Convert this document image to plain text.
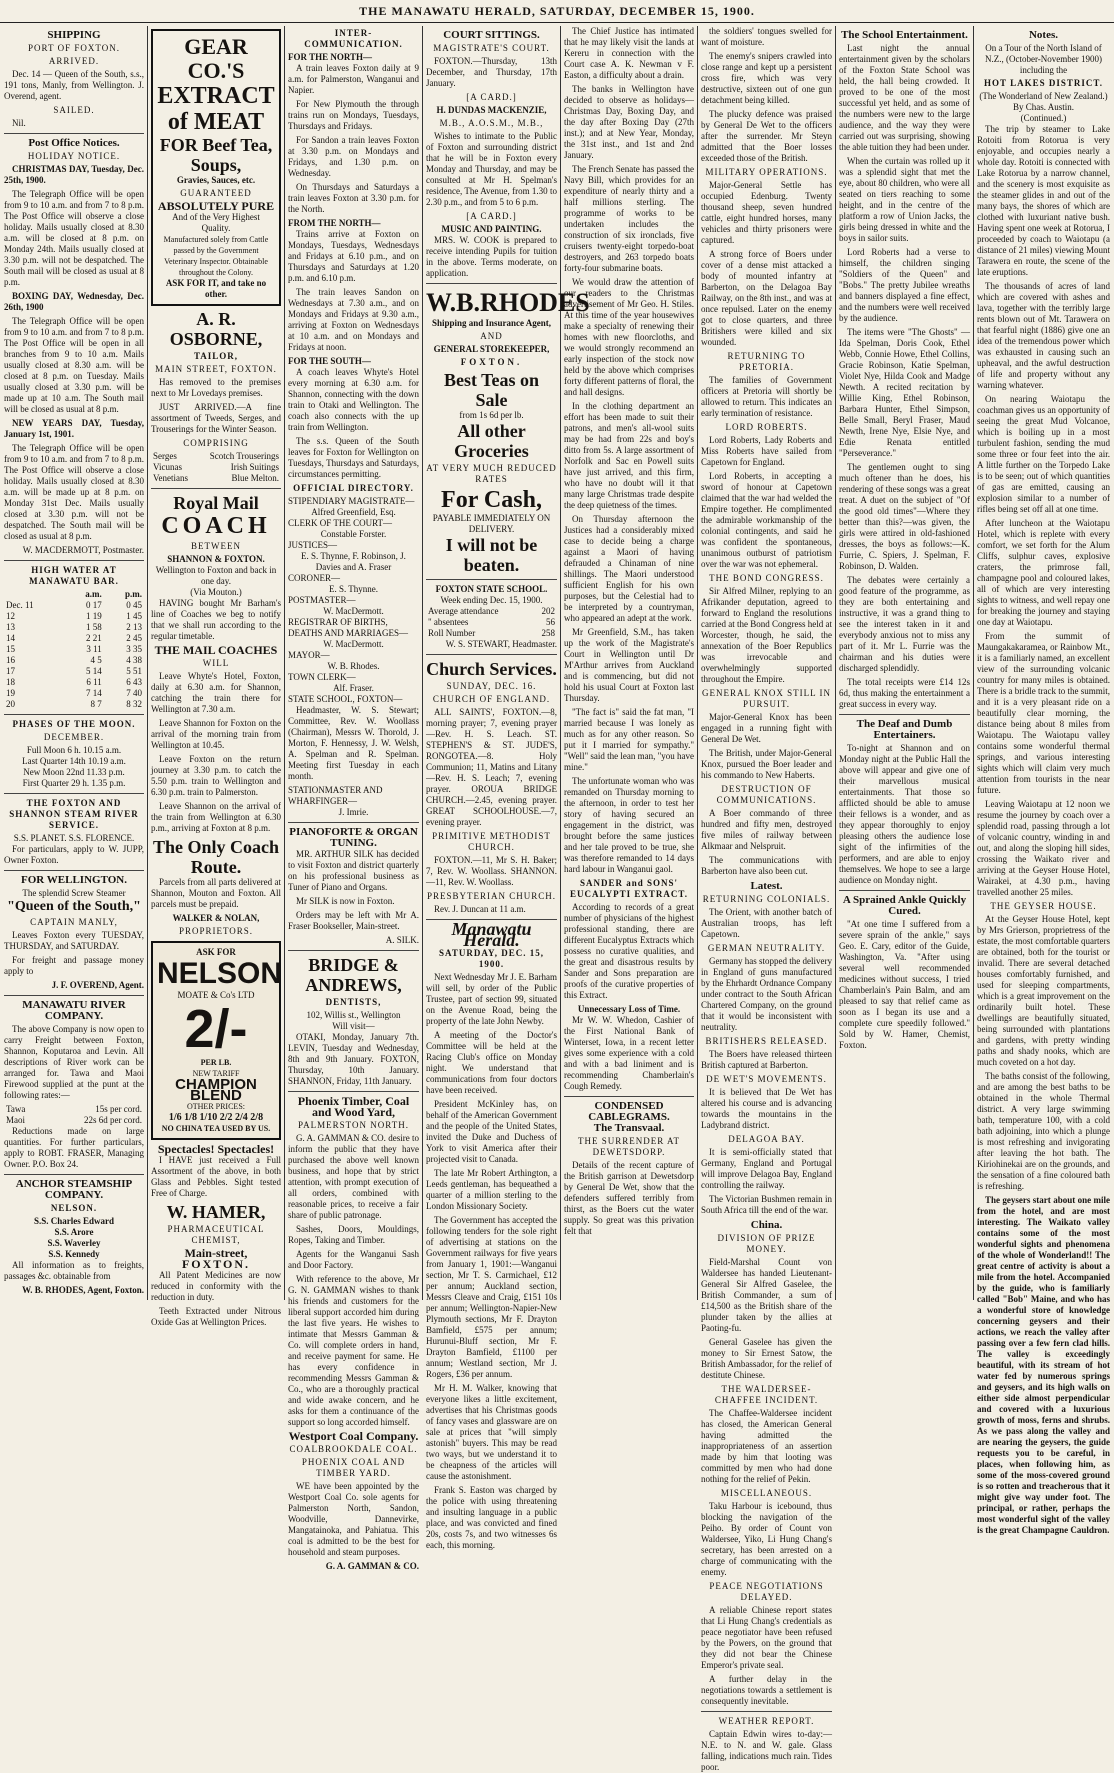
THE MANAWATU HERALD, SATURDAY, DECEMBER 15, 1900.
SHIPPING
PORT OF FOXTON.
ARRIVED.

Dec. 14 — Queen of the South, s.s., 191 tons, Manly, from Wellington. J. Overend, agent.

SAILED.

Nil.

Post Office Notices.
HOLIDAY NOTICE.

CHRISTMAS DAY, Tuesday, Dec. 25th, 1900.

The Telegraph Office will be open from 9 to 10 a.m. and from 7 to 8 p.m. The Post Office will observe a close holiday. Mails usually closed at 8.30 a.m. will be closed at 8 p.m. on Monday 24th. Mails usually closed at 3.30 p.m. will not be despatched. The South mail will be closed as usual at 8 p.m.

BOXING DAY, Wednesday, Dec. 26th, 1900

The Telegraph Office will be open from 9 to 10 a.m. and from 7 to 8 p.m. The Post Office will be open in all branches from 9 to 10 a.m. Mails usually closed at 8.30 a.m. will be closed at 8 p.m. on Tuesday. Mails usually closed at 3.30 p.m. will be made up at 10 a.m. The South mail will be closed as usual at 8 p.m.

NEW YEARS DAY, Tuesday, January 1st, 1901.

The Telegraph Office will be open from 9 to 10 a.m. and from 7 to 8 p.m. The Post Office will observe a close holiday. Mails usually closed at 8.30 a.m. will be made up at 8 p.m. on Monday 31st Dec. Mails usually closed at 3.30 p.m. will not be despatched. The South mail will be closed as usual at 8 p.m.

W. MACDERMOTT, Postmaster.
HIGH WATER AT MANAWATU BAR.
	a.m.	p.m.
Dec. 11	0 17	0 45
12	1 19	1 45
13	1 58	2 13
14	2 21	2 45
15	3 11	3 35
16	4 5	4 38
17	5 14	5 51
18	6 11	6 43
19	7 14	7 40
20	8 7	8 32
PHASES OF THE MOON.
DECEMBER.
Full Moon 6 h. 10.15 a.m.
Last Quarter 14th 10.19 a.m.
New Moon 22nd 11.33 p.m.
First Quarter 29 h. 1.35 p.m.
THE FOXTON AND SHANNON STEAM RIVER SERVICE.
S.S. PLANET. S.S. FLORENCE.

For particulars, apply to W. JUPP, Owner Foxton.

FOR WELLINGTON.
The splendid Screw Steamer
"Queen of the South,"
CAPTAIN MANLY,

Leaves Foxton every TUESDAY, THURSDAY, and SATURDAY.

For freight and passage money apply to

J. F. OVEREND, Agent.
MANAWATU RIVER COMPANY.

The above Company is now open to carry Freight between Foxton, Shannon, Koputaroa and Levin. All descriptions of River work can be arranged for. Tawa and Maoi Firewood supplied at the punt at the following rates:—

Tawa	15s per cord.
Maoi	22s 6d per cord.

Reductions made on large quantities. For further particulars, apply to ROBT. FRASER, Managing Owner. P.O. Box 24.

ANCHOR STEAMSHIP COMPANY.
NELSON.
S.S. Charles Edward
S.S. Arore
S.S. Waverley
S.S. Kennedy

All information as to freights, passages &c. obtainable from

W. B. RHODES, Agent, Foxton.
GEAR CO.'S
EXTRACT of MEAT
FOR Beef Tea, Soups,
Gravies, Sauces, etc.
GUARANTEED
ABSOLUTELY PURE
And of the Very Highest Quality.
Manufactured solely from Cattle passed by the Government Veterinary Inspector. Obtainable throughout the Colony.
ASK FOR IT, and take no other.
A. R. OSBORNE,
TAILOR,
MAIN STREET, FOXTON.

Has removed to the premises next to Mr Lovedays premises.

JUST ARRIVED.—A fine assortment of Tweeds, Serges, and Trouserings for the Winter Season.

COMPRISING
Serges	Scotch Trouserings
Vicunas	Irish Suitings
Venetians	Blue Melton.
Royal Mail
COACH
BETWEEN
SHANNON & FOXTON.
Wellington to Foxton and back in one day.
(Via Mouton.)

HAVING bought Mr Barham's line of Coaches we beg to notify that we shall run according to the regular timetable.

THE MAIL COACHES
WILL

Leave Whyte's Hotel, Foxton, daily at 6.30 a.m. for Shannon, catching the train there for Wellington at 7.30 a.m.

Leave Shannon for Foxton on the arrival of the morning train from Wellington at 10.45.

Leave Foxton on the return journey at 3.30 p.m. to catch the 5.50 p.m. train to Wellington and 6.30 p.m. train to Palmerston.

Leave Shannon on the arrival of the train from Wellington at 6.30 p.m., arriving at Foxton at 8 p.m.

The Only Coach Route.

Parcels from all parts delivered at Shannon, Mouton and Foxton. All parcels must be prepaid.

WALKER & NOLAN,
PROPRIETORS.
ASK FOR
NELSON
MOATE & Co's LTD
2/-
PER LB.
NEW TARIFF
CHAMPION BLEND
OTHER PRICES:
1/6 1/8 1/10 2/2 2/4 2/8
NO CHINA TEA USED BY US.
Spectacles! Spectacles!

I HAVE just received a Full Assortment of the above, in both Glass and Pebbles. Sight tested Free of Charge.

W. HAMER,
PHARMACEUTICAL CHEMIST,
Main-street,
FOXTON.

All Patent Medicines are now reduced in conformity with the reduction in duty.

Teeth Extracted under Nitrous Oxide Gas at Wellington Prices.

INTER-COMMUNICATION.
FOR THE NORTH—

A train leaves Foxton daily at 9 a.m. for Palmerston, Wanganui and Napier.

For New Plymouth the through trains run on Mondays, Tuesdays, Thursdays and Fridays.

For Sandon a train leaves Foxton at 3.30 p.m. on Mondays and Fridays, and 1.30 p.m. on Wednesday.

On Thursdays and Saturdays a train leaves Foxton at 3.30 p.m. for the North.

FROM THE NORTH—

Trains arrive at Foxton on Mondays, Tuesdays, Wednesdays and Fridays at 6.10 p.m., and on Thursdays and Saturdays at 1.20 p.m. and 6.10 p.m.

The train leaves Sandon on Wednesdays at 7.30 a.m., and on Mondays and Fridays at 9.30 a.m., arriving at Foxton on Wednesdays at 10 a.m. and on Mondays and Fridays at noon.

FOR THE SOUTH—

A coach leaves Whyte's Hotel every morning at 6.30 a.m. for Shannon, connecting with the down train to Otaki and Wellington. The coach also connects with the up train from Wellington.

The s.s. Queen of the South leaves for Foxton for Wellington on Tuesdays, Thursdays and Saturdays, circumstances permitting.

OFFICIAL DIRECTORY.
STIPENDIARY MAGISTRATE—
Alfred Greenfield, Esq.
CLERK OF THE COURT—
Constable Forster.
JUSTICES—
E. S. Thynne, F. Robinson, J. Davies and A. Fraser
CORONER—
E. S. Thynne.
POSTMASTER—
W. MacDermott.
REGISTRAR OF BIRTHS, DEATHS AND MARRIAGES—
W. MacDermott.
MAYOR—
W. B. Rhodes.
TOWN CLERK—
Alf. Fraser.
STATE SCHOOL, FOXTON—

Headmaster, W. S. Stewart; Committee, Rev. W. Woollass (Chairman), Messrs W. Thorold, J. Morton, F. Hennessy, J. W. Welsh, A. Spelman and R. Spelman. Meeting first Tuesday in each month.

STATIONMASTER AND WHARFINGER—
J. Imrie.
PIANOFORTE & ORGAN TUNING.

MR. ARTHUR SILK has decided to visit Foxton and district quarterly on his professional business as Tuner of Piano and Organs.

Mr SILK is now in Foxton.

Orders may be left with Mr A. Fraser Bookseller, Main-street.

A. SILK.
BRIDGE & ANDREWS,
DENTISTS,
102, Willis st., Wellington
Will visit—

OTAKI, Monday, January 7th. LEVIN, Tuesday and Wednesday, 8th and 9th January. FOXTON, Thursday, 10th January. SHANNON, Friday, 11th January.

Phoenix Timber, Coal and Wood Yard,
PALMERSTON NORTH.

G. A. GAMMAN & CO. desire to inform the public that they have purchased the above well known business, and hope that by strict attention, with prompt execution of all orders, combined with reasonable prices, to receive a fair share of public patronage.

Sashes, Doors, Mouldings, Ropes, Taking and Timber.

Agents for the Wanganui Sash and Door Factory.

With reference to the above, Mr G. N. GAMMAN wishes to thank his friends and customers for the liberal support accorded him during the last five years. He wishes to intimate that Messrs Gamman & Co. will complete orders in hand, and receive payment for same. He has every confidence in recommending Messrs Gamman & Co., who are a thoroughly practical and wide awake concern, and he asks for them a continuance of the support so long accorded himself.

Westport Coal Company.
COALBROOKDALE COAL.
PHOENIX COAL AND TIMBER YARD.

WE have been appointed by the Westport Coal Co. sole agents for Palmerston North, Sandon, Woodville, Dannevirke, Mangatainoka, and Pahiatua. This coal is admitted to be the best for household and steam purposes.

G. A. GAMMAN & CO.
COURT SITTINGS.
MAGISTRATE'S COURT.

FOXTON.—Thursday, 13th December, and Thursday, 17th January.

[A CARD.]
H. DUNDAS MACKENZIE,
M.B., A.O.S.M., M.B.,

Wishes to intimate to the Public of Foxton and surrounding district that he will be in Foxton every Monday and Thursday, and may be consulted at Mr H. Spelman's residence, The Avenue, from 1.30 to 2.30 p.m., and from 5 to 6 p.m.

[A CARD.]
MUSIC AND PAINTING.

MRS. W. COOK is prepared to receive intending Pupils for tuition in the above. Terms moderate, on application.

W.B.RHODES
Shipping and Insurance Agent,
AND
GENERAL STOREKEEPER,
FOXTON.
Best Teas on Sale
from 1s 6d per lb.
All other Groceries
AT VERY MUCH REDUCED RATES
For Cash,
PAYABLE IMMEDIATELY ON DELIVERY.
I will not be beaten.
FOXTON STATE SCHOOL.
Week ending Dec. 15, 1900.
Average attendance	202
" absentees	56
Roll Number	258
W. S. STEWART, Headmaster.
Church Services.
SUNDAY, DEC. 16.
CHURCH OF ENGLAND.

ALL SAINTS', FOXTON.—8, morning prayer; 7, evening prayer—Rev. H. S. Leach. ST. STEPHEN'S & ST. JUDE'S, RONGOTEA.—8. Holy Communion; 11, Matins and Litany—Rev. H. S. Leach; 7, evening prayer. OROUA BRIDGE CHURCH.—2.45, evening prayer. GREAT SCHOOLHOUSE.—7, evening prayer.

PRIMITIVE METHODIST CHURCH.

FOXTON.—11, Mr S. H. Baker; 7, Rev. W. Woollass. SHANNON.—11, Rev. W. Woollass.

PRESBYTERIAN CHURCH.

Rev. J. Duncan at 11 a.m.

Manawatu Herald.
SATURDAY, DEC. 15, 1900.

Next Wednesday Mr J. E. Barham will sell, by order of the Public Trustee, part of section 99, situated on the Avenue Road, being the property of the late John Newby.

A meeting of the Doctor's Committee will be held at the Racing Club's office on Monday night. We understand that communications from four doctors have been received.

President McKinley has, on behalf of the American Government and the people of the United States, invited the Duke and Duchess of York to visit America after their projected visit to Canada.

The late Mr Robert Arthington, a Leeds gentleman, has bequeathed a quarter of a million sterling to the London Missionary Society.

The Government has accepted the following tenders for the sole right of advertising at stations on the Government railways for five years from January 1, 1901:—Wanganui section, Mr T. S. Carmichael, £12 per annum; Auckland section, Messrs Cleave and Craig, £151 10s per annum; Wellington-Napier-New Plymouth sections, Mr F. Drayton Bamfield, £575 per annum; Hurunui-Bluff section, Mr F. Drayton Bamfield, £1100 per annum; Westland section, Mr J. Rogers, £36 per annum.

Mr H. M. Walker, knowing that everyone likes a little excitement, advertises that his Christmas goods of fancy vases and glassware are on sale at prices that "will simply astonish" buyers. This may be read two ways, but we understand it to be cheapness of the articles will cause the astonishment.

Frank S. Easton was charged by the police with using threatening and insulting language in a public place, and was convicted and fined 20s, costs 7s, and two witnesses 6s each, this morning.

The Chief Justice has intimated that he may likely visit the lands at Kereru in connection with the Court case A. K. Newman v F. Easton, a difficulty about a drain.

The banks in Wellington have decided to observe as holidays—Christmas Day, Boxing Day, and the day after Boxing Day (27th inst.); and at New Year, Monday, the 31st inst., and 1st and 2nd January.

The French Senate has passed the Navy Bill, which provides for an expenditure of nearly thirty and a half millions sterling. The programme of works to be undertaken includes the construction of six ironclads, five cruisers twenty-eight torpedo-boat destroyers, and 263 torpedo boats forty-four submarine boats.

We would draw the attention of our readers to the Christmas advertisement of Mr Geo. H. Stiles. At this time of the year housewives make a specialty of renewing their homes with new floorcloths, and we would strongly recommend an early inspection of the stock now held by the above which comprises forty different patterns of floral, the and hall designs.

In the clothing department an effort has been made to suit their patrons, and men's all-wool suits may be had from 22s and boy's ditto from 5s. A large assortment of Norfolk and Sac en Powell suits have just arrived, and this firm, who have no doubt will it that many large Christmas trade despite the deep quietness of the times.

On Thursday afternoon the Justices had a considerably mixed case to decide being a charge against a Maori of having defrauded a Chinaman of nine shillings. The Maori understood sufficient English for his own purposes, but the Celestial had to be interpreted by a countryman, who appeared an adept at the work.

Mr Greenfield, S.M., has taken up the work of the Magistrate's Court in Wellington until Dr M'Arthur arrives from Auckland and is commencing, but did not hold his usual Court at Foxton last Thursday.

"The fact is" said the fat man, "I married because I was lonely as much as for any other reason. So put it I married for sympathy." "Well" said the lean man, "you have mine."

The unfortunate woman who was remanded on Thursday morning to the afternoon, in order to test her story of having secured an engagement in the district, was brought before the same justices and her tale proved to be true, she was therefore remanded to 14 days hard labour in Wanganui gaol.

SANDER and SONS' EUCALYPTI EXTRACT.

According to records of a great number of physicians of the highest professional standing, there are different Eucalyptus Extracts which possess no curative qualities, and the great and disastrous results by Sander and Sons preparation are proofs of the curative properties of this Extract.

Unnecessary Loss of Time.

Mr W. W. Whedon, Cashier of the First National Bank of Winterset, Iowa, in a recent letter gives some experience with a cold and with a bad liniment and is recommending Chamberlain's Cough Remedy.

CONDENSED CABLEGRAMS.
The Transvaal.
THE SURRENDER AT DEWETSDORP.

Details of the recent capture of the British garrison at Dewetsdorp by General De Wet, show that the defenders suffered terribly from thirst, as the Boers cut the water supply. So great was this privation felt that

the soldiers' tongues swelled for want of moisture.

The enemy's snipers crawled into close range and kept up a persistent cross fire, which was very destructive, sixteen out of one gun detachment being killed.

The plucky defence was praised by General De Wet to the officers after the surrender. Mr Steyn admitted that the Boer losses exceeded those of the British.

MILITARY OPERATIONS.

Major-General Settle has occupied Edenburg. Twenty thousand sheep, seven hundred cattle, eight hundred horses, many vehicles and thirty prisoners were captured.

A strong force of Boers under cover of a dense mist attacked a body of mounted infantry at Barberton, on the Delagoa Bay Railway, on the 8th inst., and was at once repulsed. Later on the enemy got to close quarters, and three Britishers were killed and six wounded.

RETURNING TO PRETORIA.

The families of Government officers at Pretoria will shortly be allowed to return. This indicates an early termination of resistance.

LORD ROBERTS.

Lord Roberts, Lady Roberts and Miss Roberts have sailed from Capetown for England.

Lord Roberts, in accepting a sword of honour at Capetown claimed that the war had welded the Empire together. He complimented the admirable workmanship of the colonial contingents, and said he was confident the spontaneous, unanimous outburst of patriotism over the war was not ephemeral.

THE BOND CONGRESS.

Sir Alfred Milner, replying to an Afrikander deputation, agreed to forward to England the resolutions carried at the Bond Congress held at Worcester, though, he said, the annexation of the Boer Republics was irrevocable and overwhelmingly supported throughout the Empire.

GENERAL KNOX STILL IN PURSUIT.

Major-General Knox has been engaged in a running fight with General De Wet.

The British, under Major-General Knox, pursued the Boer leader and his commando to New Haberts.

DESTRUCTION OF COMMUNICATIONS.

A Boer commando of three hundred and fifty men, destroyed five miles of railway between Alkmaar and Nelspruit.

The communications with Barberton have also been cut.

Latest.
RETURNING COLONIALS.

The Orient, with another batch of Australian troops, has left Capetown.

GERMAN NEUTRALITY.

Germany has stopped the delivery in England of guns manufactured by the Ehrhardt Ordnance Company under contract to the South African Chartered Company, on the ground that it would be inconsistent with neutrality.

BRITISHERS RELEASED.

The Boers have released thirteen British captured at Barberton.

DE WET'S MOVEMENTS.

It is believed that De Wet has altered his course and is advancing towards the mountains in the Ladybrand district.

DELAGOA BAY.

It is semi-officially stated that Germany, England and Portugal will improve Delagoa Bay, England controlling the railway.

The Victorian Bushmen remain in South Africa till the end of the war.

China.
DIVISION OF PRIZE MONEY.

Field-Marshal Count von Waldersee has handed Lieutenant-General Sir Alfred Gaselee, the British Commander, a sum of £14,500 as the British share of the plunder taken by the allies at Paoting-fu.

General Gaselee has given the money to Sir Ernest Satow, the British Ambassador, for the relief of destitute Chinese.

THE WALDERSEE-CHAFFEE INCIDENT.

The Chaffee-Waldersee incident has closed, the American General having admitted the inappropriateness of an assertion made by him that looting was committed by men who had done nothing for the relief of Pekin.

MISCELLANEOUS.

Taku Harbour is icebound, thus blocking the navigation of the Peiho. By order of Count von Waldersee, Yiko, Li Hung Chang's secretary, has been arrested on a charge of communicating with the enemy.

PEACE NEGOTIATIONS DELAYED.

A reliable Chinese report states that Li Hung Chang's credentials as peace negotiator have been refused by the Powers, on the ground that they did not bear the Chinese Emperor's private seal.

A further delay in the negotiations towards a settlement is consequently inevitable.

WEATHER REPORT.

Captain Edwin wires to-day:— N.E. to N. and W. gale. Glass falling, indications much rain. Tides poor.

The School Entertainment.

Last night the annual entertainment given by the scholars of the Foxton State School was held, the hall being crowded. It proved to be one of the most successful yet held, and as some of the numbers were new to the large audience, and the way they were carried out was surprising, showing the able tuition they had been under.

When the curtain was rolled up it was a splendid sight that met the eye, about 80 children, who were all seated on tiers reaching to some height, and in the centre of the platform a row of Union Jacks, the girls being dressed in white and the boys in sailor suits.

Lord Roberts had a verse to himself, the children singing "Soldiers of the Queen" and "Bobs." The pretty Jubilee wreaths and banners displayed a fine effect, and the numbers were well received by the audience.

The items were "The Ghosts" — Ida Spelman, Doris Cook, Ethel Webb, Connie Howe, Ethel Collins, Gracie Robinson, Katie Spelman, Violet Nye, Hilda Cook and Madge Newth. A recited recitation by Willie King, Ethel Robinson, Barbara Hunter, Ethel Simpson, Belle Small, Beryl Fraser, Maud Newth, Irene Nye, Elsie Nye, and Edie Renata entitled "Perseverance."

The gentlemen ought to sing much oftener than he does, his rendering of these songs was a great treat. A duet on the subject of "Of the good old times"—Where they better than this?—was given, the girls were attired in old-fashioned dresses, the boys as follows:—K. Furrie, C. Spiers, J. Spelman, F. Robinson, D. Walden.

The debates were certainly a good feature of the programme, as they are both entertaining and instructive, it was a grand thing to see the interest taken in it and everybody anxious not to miss any part of it. Mr L. Furrie was the chairman and his duties were discharged splendidly.

The total receipts were £14 12s 6d, thus making the entertainment a great success in every way.

The Deaf and Dumb Entertainers.

To-night at Shannon and on Monday night at the Public Hall the above will appear and give one of their marvellous musical entertainments. That those so afflicted should be able to amuse their fellows is a wonder, and as they appear thoroughly to enjoy pleasing others the audience lose sight of the infirmities of the performers, and are able to enjoy themselves. We hope to see a large audience on Monday night.

A Sprained Ankle Quickly Cured.

"At one time I suffered from a severe sprain of the ankle," says Geo. E. Cary, editor of the Guide, Washington, Va. "After using several well recommended medicines without success, I tried Chamberlain's Pain Balm, and am pleased to say that relief came as soon as I began its use and a complete cure speedily followed." Sold by W. Hamer, Chemist, Foxton.

Notes.
On a Tour of the North Island of N.Z., (October-November 1900) including the
HOT LAKES DISTRICT.
(The Wonderland of New Zealand.)
By Chas. Austin.
(Continued.)

The trip by steamer to Lake Rotoiti from Rotorua is very enjoyable, and occupies nearly a whole day. Rotoiti is connected with Lake Rotorua by a narrow channel, and the scenery is most exquisite as the steamer glides in and out of the many bays, the shores of which are clothed with luxuriant native bush. Having spent one week at Rotorua, I proceeded by coach to Waiotapu (a distance of 21 miles) viewing Mount Tarawera en route, the scene of the late eruptions.

The thousands of acres of land which are covered with ashes and lava, together with the terribly large rents blown out of Mt. Tarawera on that fearful night (1886) give one an idea of the tremendous power which was exhausted in causing such an upheaval, and the awful destruction of life and property without any warning whatever.

On nearing Waiotapu the coachman gives us an opportunity of seeing the great Mud Volcanoe, which is boiling up in a most turbulent fashion, sending the mud some three or four feet into the air. A little further on the Torpedo Lake is to be seen; out of which quantities of gas are emitted, causing an explosion similar to a number of rifles being set off all at one time.

After luncheon at the Waiotapu Hotel, which is replete with every comfort, we set forth for the Alum Cliffs, sulphur caves, explosive craters, the primrose fall, champagne pool and coloured lakes, all of which are very interesting sights to witness, and well repay one for breaking the journey and staying one day at Waiotapu.

From the summit of Maungakakaramea, or Rainbow Mt., it is a familiarly named, an excellent view of the surrounding volcanic country for many miles is obtained. There is a bridle track to the summit, and it is a very pleasant ride on a beautifully clear morning, the distance being about 8 miles from Waiotapu. The Waiotapu valley contains some wonderful thermal springs, and various interesting sights which will claim very much attention from tourists in the near future.

Leaving Waiotapu at 12 noon we resume the journey by coach over a splendid road, passing through a lot of volcanic country, winding in and out, and along the sloping hill sides, crossing the Waikato river and arriving at the Geyser House Hotel, Wairakei, at 4.30 p.m., having travelled another 25 miles.

THE GEYSER HOUSE.

At the Geyser House Hotel, kept by Mrs Grierson, proprietress of the estate, the most comfortable quarters are obtained, both for the tourist or invalid. There are several detached houses comfortably furnished, and used for sleeping compartments, which is a great improvement on the ordinarily built hotel. These dwellings are beautifully situated, being surrounded with plantations and gardens, with pretty winding paths and shady nooks, which are much coveted on a hot day.

The baths consist of the following, and are among the best baths to be obtained in the whole Thermal district. A very large swimming bath, temperature 100, with a cold bath adjoining, into which a plunge is most refreshing and invigorating after leaving the hot bath. The Kiriohinekai are on the grounds, and the sensation of a fine coloured bath is refreshing.

The geysers start about one mile from the hotel, and are most interesting. The Waikato valley contains some of the most wonderful sights and phenomena of the whole of Wonderland!! The great centre of activity is about a mile from the hotel. Accompanied by the guide, who is familiarly called "Bob" Maine, and who has a wonderful store of knowledge concerning geysers and their actions, we reach the valley after passing over a few fern clad hills. The valley is exceedingly beautiful, with its stream of hot water fed by numerous springs and geysers, and its high walls on either side almost perpendicular and covered with a luxurious growth of moss, ferns and shrubs. As we pass along the valley and are nearing the geysers, the guide requests you to be careful, in places, when following him, as some of the moss-covered ground is so rotten and treacherous that it might give way under foot. The principal, or rather, perhaps the most wonderful sight of the valley is the great Champagne Cauldron.
